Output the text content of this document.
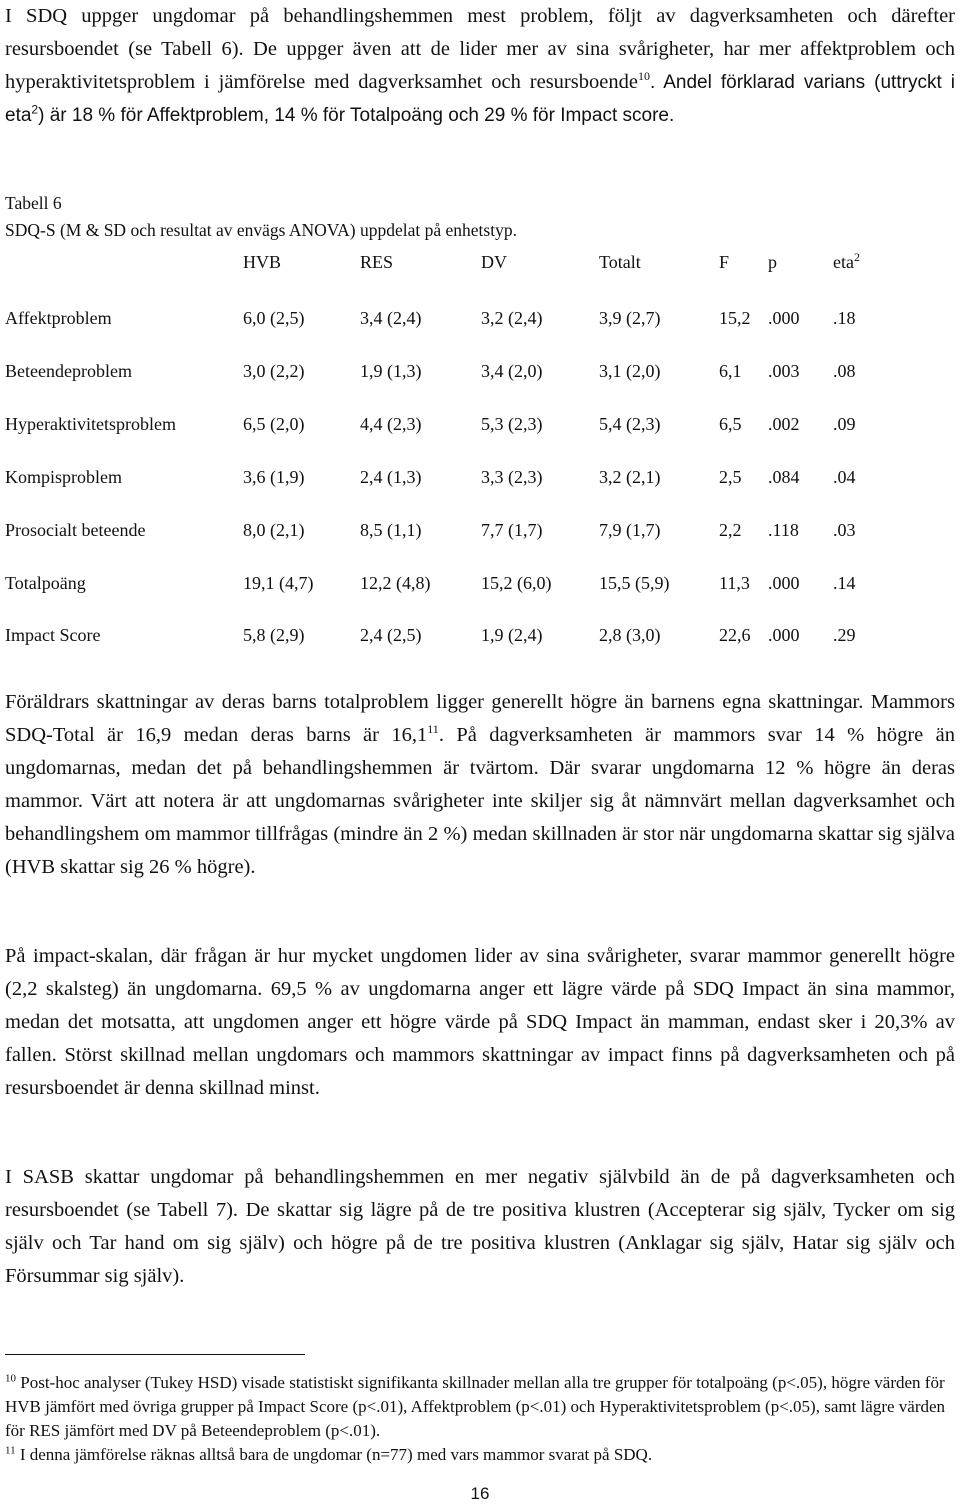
I SDQ uppger ungdomar på behandlingshemmen mest problem, följt av dagverksamheten och därefter resursboendet (se Tabell 6). De uppger även att de lider mer av sina svårigheter, har mer affektproblem och hyperaktivitetsproblem i jämförelse med dagverksamhet och resursboende$^{10}$. Andel förklarad varians (uttryckt i eta$^2$) är 18 % för Affektproblem, 14 % för Totalpoäng och 29 % för Impact score.

Tabell 6
SDQ-S (M & SD och resultat av envägs ANOVA) uppdelat på enhetstyp.
HVB	RES	DV	Totalt	F p	eta$^2$
Affektproblem	6,0 (2,5)	3,4 (2,4)	3,2 (2,4)	3,9 (2,7)	15,2 .000 .18
Beteendeproblem	3,0 (2,2)	1,9 (1,3)	3,4 (2,0)	3,1 (2,0)	6,1 .003 .08
Hyperaktivitetsproblem	6,5 (2,0)	4,4 (2,3)	5,3 (2,3)	5,4 (2,3)	6,5 .002 .09
Kompisproblem	3,6 (1,9)	2,4 (1,3)	3,3 (2,3)	3,2 (2,1)	2,5 .084 .04
Prosocialt beteende	8,0 (2,1)	8,5 (1,1)	7,7 (1,7)	7,9 (1,7)	2,2 .118 .03
Totalpoäng	19,1 (4,7)	12,2 (4,8)	15,2 (6,0)	15,5 (5,9)	11,3 .000 .14
Impact Score	5,8 (2,9)	2,4 (2,5)	1,9 (2,4)	2,8 (3,0)	22,6 .000 .29

Föräldrars skattningar av deras barns totalproblem ligger generellt högre än barnens egna skattningar. Mammors SDQ-Total är 16,9 medan deras barns är 16,1$^{11}$. På dagverksamheten är mammors svar 14 % högre än ungdomarnas, medan det på behandlingshemmen är tvärtom. Där svarar ungdomarna 12 % högre än deras mammor. Värt att notera är att ungdomarnas svårigheter inte skiljer sig åt nämnvärt mellan dagverksamhet och behandlingshem om mammor tillfrågas (mindre än 2 %) medan skillnaden är stor när ungdomarna skattar sig själva (HVB skattar sig 26 % högre).

På impact-skalan, där frågan är hur mycket ungdomen lider av sina svårigheter, svarar mammor generellt högre (2,2 skalsteg) än ungdomarna. 69,5 % av ungdomarna anger ett lägre värde på SDQ Impact än sina mammor, medan det motsatta, att ungdomen anger ett högre värde på SDQ Impact än mamman, endast sker i 20,3% av fallen. Störst skillnad mellan ungdomars och mammors skattningar av impact finns på dagverksamheten och på resursboendet är denna skillnad minst.

I SASB skattar ungdomar på behandlingshemmen en mer negativ självbild än de på dagverksamheten och resursboendet (se Tabell 7). De skattar sig lägre på de tre positiva klustren (Accepterar sig själv, Tycker om sig själv och Tar hand om sig själv) och högre på de tre positiva klustren (Anklagar sig själv, Hatar sig själv och Försummar sig själv).

$^{10}$ Post-hoc analyser (Tukey HSD) visade statistiskt signifikanta skillnader mellan alla tre grupper för totalpoäng (p<.05), högre värden för HVB jämfört med övriga grupper på Impact Score (p<.01), Affektproblem (p<.01) och Hyperaktivitetsproblem (p<.05), samt lägre värden för RES jämfört med DV på Beteendeproblem (p<.01).

$^{11}$ I denna jämförelse räknas alltså bara de ungdomar (n=77) med vars mammor svarat på SDQ.

16
